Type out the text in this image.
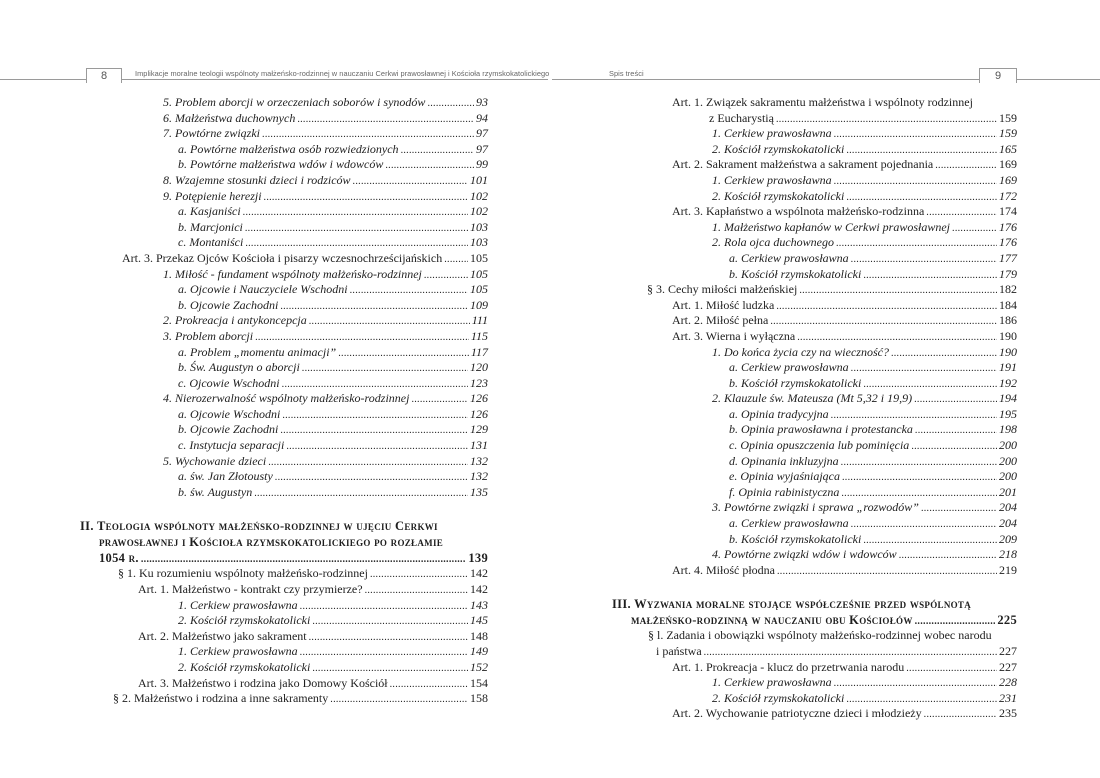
8	Implikacje moralne teologii wspólnoty małżeńsko-rodzinnej w nauczaniu Cerkwi prawosławnej i Kościoła rzymskokatolickiego	Spis treści	9
5. Problem aborcji w orzeczeniach soborów i synodów .....	93
6. Małżeństwa duchownych .....	94
7. Powtórne związki .....	97
a. Powtórne małżeństwa osób rozwiedzionych .....	97
b. Powtórne małżeństwa wdów i wdowców .....	99
8. Wzajemne stosunki dzieci i rodziców .....	101
9. Potępienie herezji .....	102
a. Kasjaniści .....	102
b. Marcjonici .....	103
c. Montaniści .....	103
Art. 3. Przekaz Ojców Kościoła i pisarzy wczesnochrześcijańskich ..... 105
1. Miłość - fundament wspólnoty małżeńsko-rodzinnej .....	105
a. Ojcowie i Nauczyciele Wschodni .....	105
b. Ojcowie Zachodni .....	109
2. Prokreacja i antykoncepcja .....	111
3. Problem aborcji .....	115
a. Problem „momentu animacji” .....	117
b. Św. Augustyn o aborcji .....	120
c. Ojcowie Wschodni .....	123
4. Nierozerwalność wspólnoty małżeńsko-rodzinnej .....	126
a. Ojcowie Wschodni .....	126
b. Ojcowie Zachodni .....	129
c. Instytucja separacji .....	131
5. Wychowanie dzieci .....	132
a. św. Jan Złotousty .....	132
b. św. Augustyn .....	135
II. Teologia wspólnoty małżeńsko-rodzinnej w ujęciu Cerkwi
prawosławnej i Kościoła rzymskokatolickiego po rozłamie
1054 r. .....	139
§ 1. Ku rozumieniu wspólnoty małżeńsko-rodzinnej .....	142
Art. 1. Małżeństwo - kontrakt czy przymierze? .....	142
1. Cerkiew prawosławna .....	143
2. Kościół rzymskokatolicki .....	145
Art. 2. Małżeństwo jako sakrament .....	148
1. Cerkiew prawosławna .....	149
2. Kościół rzymskokatolicki .....	152
Art. 3. Małżeństwo i rodzina jako Domowy Kościół .....	154
§ 2. Małżeństwo i rodzina a inne sakramenty .....	158
Art. 1. Związek sakramentu małżeństwa i wspólnoty rodzinnej
z Eucharystią .....	159
1. Cerkiew prawosławna .....	159
2. Kościół rzymskokatolicki .....	165
Art. 2. Sakrament małżeństwa a sakrament pojednania .....	169
1. Cerkiew prawosławna .....	169
2. Kościół rzymskokatolicki .....	172
Art. 3. Kapłaństwo a wspólnota małżeńsko-rodzinna .....	174
1. Małżeństwo kapłanów w Cerkwi prawosławnej .....	176
2. Rola ojca duchownego .....	176
a. Cerkiew prawosławna .....	177
b. Kościół rzymskokatolicki .....	179
§ 3. Cechy miłości małżeńskiej .....	182
Art. 1. Miłość ludzka .....	184
Art. 2. Miłość pełna .....	186
Art. 3. Wierna i wyłączna .....	190
1. Do końca życia czy na wieczność? .....	190
a. Cerkiew prawosławna .....	191
b. Kościół rzymskokatolicki .....	192
2. Klauzule św. Mateusza (Mt 5,32 i 19,9) .....	194
a. Opinia tradycyjna .....	195
b. Opinia prawosławna i protestancka .....	198
c. Opinia opuszczenia lub pominięcia .....	200
d. Opinania inkluzyjna .....	200
e. Opinia wyjaśniająca .....	200
f. Opinia rabinistyczna .....	201
3. Powtórne związki i sprawa „rozwodów” .....	204
a. Cerkiew prawosławna .....	204
b. Kościół rzymskokatolicki .....	209
4. Powtórne związki wdów i wdowców .....	218
Art. 4. Miłość płodna .....	219
III. Wyzwania moralne stojące współcześnie przed wspólnotą
małżeńsko-rodzinną w nauczaniu obu Kościołów .....	225
§ l. Zadania i obowiązki wspólnoty małżeńsko-rodzinnej wobec narodu
i państwa .....	227
Art. 1. Prokreacja - klucz do przetrwania narodu .....	227
1. Cerkiew prawosławna .....	228
2. Kościół rzymskokatolicki .....	231
Art. 2. Wychowanie patriotyczne dzieci i młodzieży .....	235
